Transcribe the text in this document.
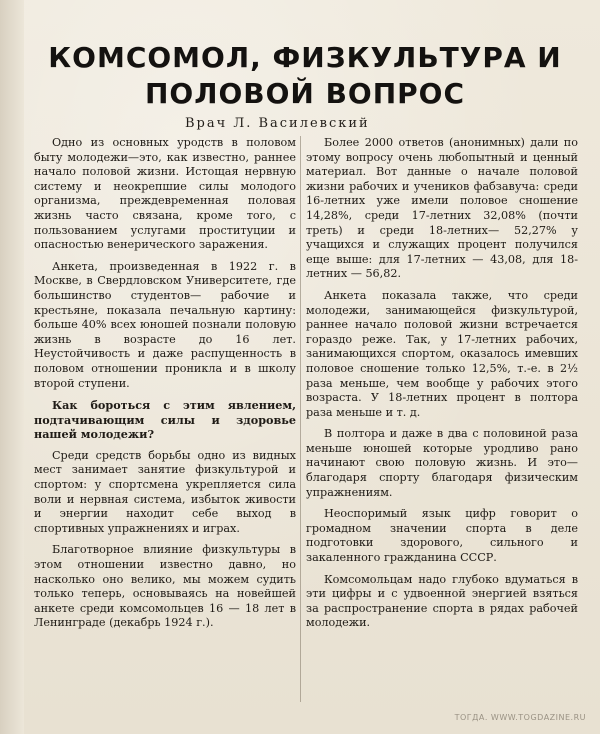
КОМСОМОЛ, ФИЗКУЛЬТУРА И ПОЛОВОЙ ВОПРОС
Врач Л. Василевский

Одно из основных уродств в половом быту молодежи—это, как известно, раннее начало половой жизни. Истощая нервную систему и неокрепшие силы молодого организма, преждевременная половая жизнь часто связана, кроме того, с пользованием услугами проституции и опасностью венерического заражения.

Анкета, произведенная в 1922 г. в Москве, в Свердловском Университете, где большинство студентов— рабочие и крестьяне, показала печальную картину: больше 40% всех юношей познали половую жизнь в возрасте до 16 лет. Неустойчивость и даже распущенность в половом отношении проникла и в школу второй ступени.

Как бороться с этим явлением, подтачивающим силы и здоровье нашей молодежи?

Среди средств борьбы одно из видных мест занимает занятие физкультурой и спортом: у спортсмена укрепляется сила воли и нервная система, избыток живости и энергии находит себе выход в спортивных упражнениях и играх.

Благотворное влияние физкультуры в этом отношении известно давно, но насколько оно велико, мы можем судить только теперь, основываясь на новейшей анкете среди комсомольцев 16 — 18 лет в Ленинграде (декабрь 1924 г.).

Более 2000 ответов (анонимных) дали по этому вопросу очень любопытный и ценный материал. Вот данные о начале половой жизни рабочих и учеников фабзавуча: среди 16-летних уже имели половое сношение 14,28%, среди 17-летних 32,08% (почти треть) и среди 18-летних— 52,27% у учащихся и служащих процент получился еще выше: для 17-летних — 43,08, для 18-летних — 56,82.

Анкета показала также, что среди молодежи, занимающейся физкультурой, раннее начало половой жизни встречается гораздо реже. Так, у 17-летних рабочих, занимающихся спортом, оказалось имевших половое сношение только 12,5%, т.-е. в 2½ раза меньше, чем вообще у рабочих этого возраста. У 18-летних процент в полтора раза меньше и т. д.

В полтора и даже в два с половиной раза меньше юношей которые уродливо рано начинают свою половую жизнь. И это—благодаря спорту благодаря физическим упражнениям.

Неоспоримый язык цифр говорит о громадном значении спорта в деле подготовки здорового, сильного и закаленного гражданина СССР.

Комсомольцам надо глубоко вдуматься в эти цифры и с удвоенной энергией взяться за распространение спорта в рядах рабочей молодежи.

ТОГДА. WWW.TOGDAZINE.RU
